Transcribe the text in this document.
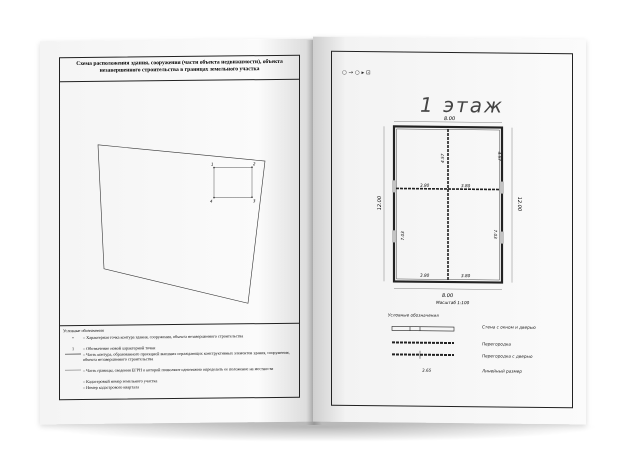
Схема расположения здания, сооружения (части объекта недвижимости), объекта незавершенного строительства в границах земельного участка
1	2
3
4
Условные обозначения
•	– Характерная точка контура здания, сооружения, объекта незавершенного строительства
1	– Обозначение новой характерной точки
– Часть контура, образованного проекцией внешних ограждающих конструктивных элементов здания, сооружения, объекта незавершенного строительства
– Часть границы, сведения ЕГРН о которой позволяют однозначно определить ее положение на местности
– Кадастровый номер земельного участка
– Номер кадастрового квартала
○ → ○ ▸ ⊡
1 этаж
8.00
8.00
12.00	12.00
4.57	4.57
7.03	7.03
3.80	3.80
3.80	3.80
Масштаб 1:100
Условные обозначения
Стена с окном и дверью
Перегородка
Перегородка с дверью
3.65	Линейный размер
